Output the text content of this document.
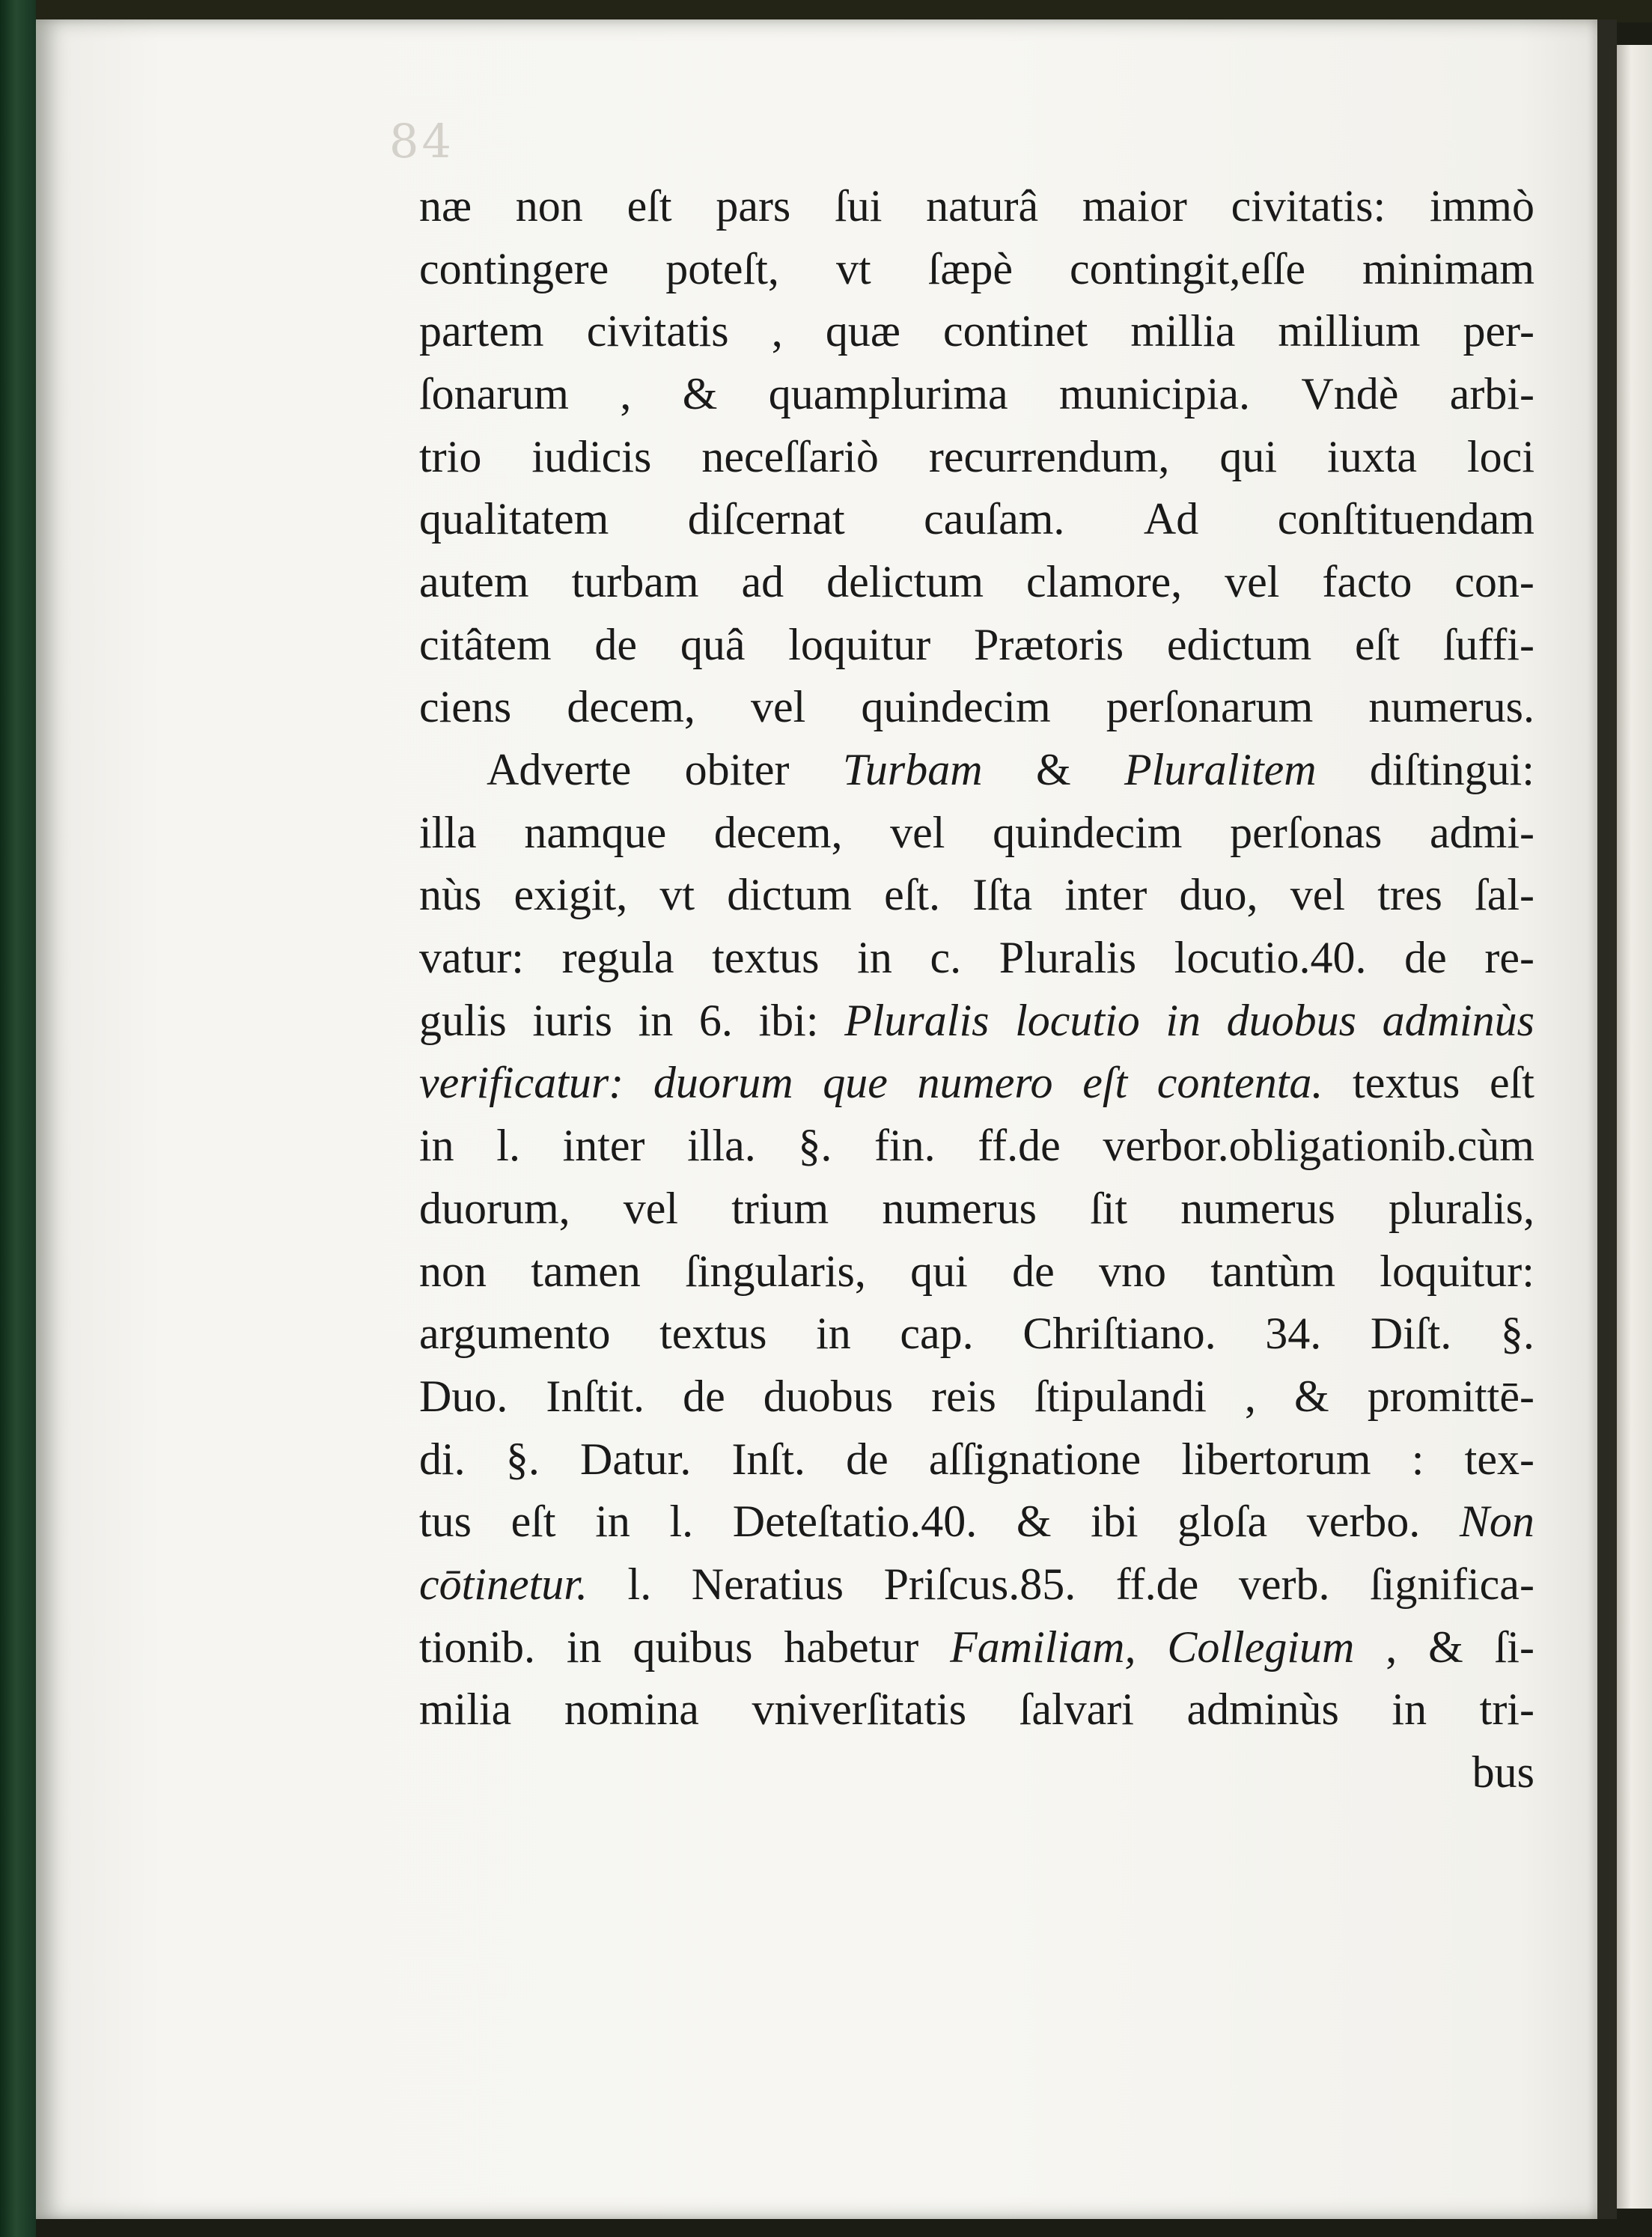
84
næ non eſt pars ſui naturâ maior civitatis: immò
contingere poteſt, vt ſæpè contingit,eſſe minimam
partem civitatis , quæ continet millia millium per-
ſonarum , & quamplurima municipia. Vndè arbi-
trio iudicis neceſſariò recurrendum, qui iuxta loci
qualitatem diſcernat cauſam. Ad conſtituendam
autem turbam ad delictum clamore, vel facto con-
citâtem de quâ loquitur Prætoris edictum eſt ſuffi-
ciens decem, vel quindecim perſonarum numerus.
Adverte obiter Turbam & Pluralitem diſtingui:
illa namque decem, vel quindecim perſonas admi-
nùs exigit, vt dictum eſt. Iſta inter duo, vel tres ſal-
vatur: regula textus in c. Pluralis locutio.40. de re-
gulis iuris in 6. ibi: Pluralis locutio in duobus adminùs
verificatur: duorum que numero eſt contenta. textus eſt
in l. inter illa. §. fin. ff.de verbor.obligationib.cùm
duorum, vel trium numerus ſit numerus pluralis,
non tamen ſingularis, qui de vno tantùm loquitur:
argumento textus in cap. Chriſtiano. 34. Diſt. §.
Duo. Inſtit. de duobus reis ſtipulandi , & promittē-
di. §. Datur. Inſt. de aſſignatione libertorum : tex-
tus eſt in l. Deteſtatio.40. & ibi gloſa verbo. Non
cōtinetur. l. Neratius Priſcus.85. ff.de verb. ſignifica-
tionib. in quibus habetur Familiam, Collegium , & ſi-
milia nomina vniverſitatis ſalvari adminùs in tri-
bus
